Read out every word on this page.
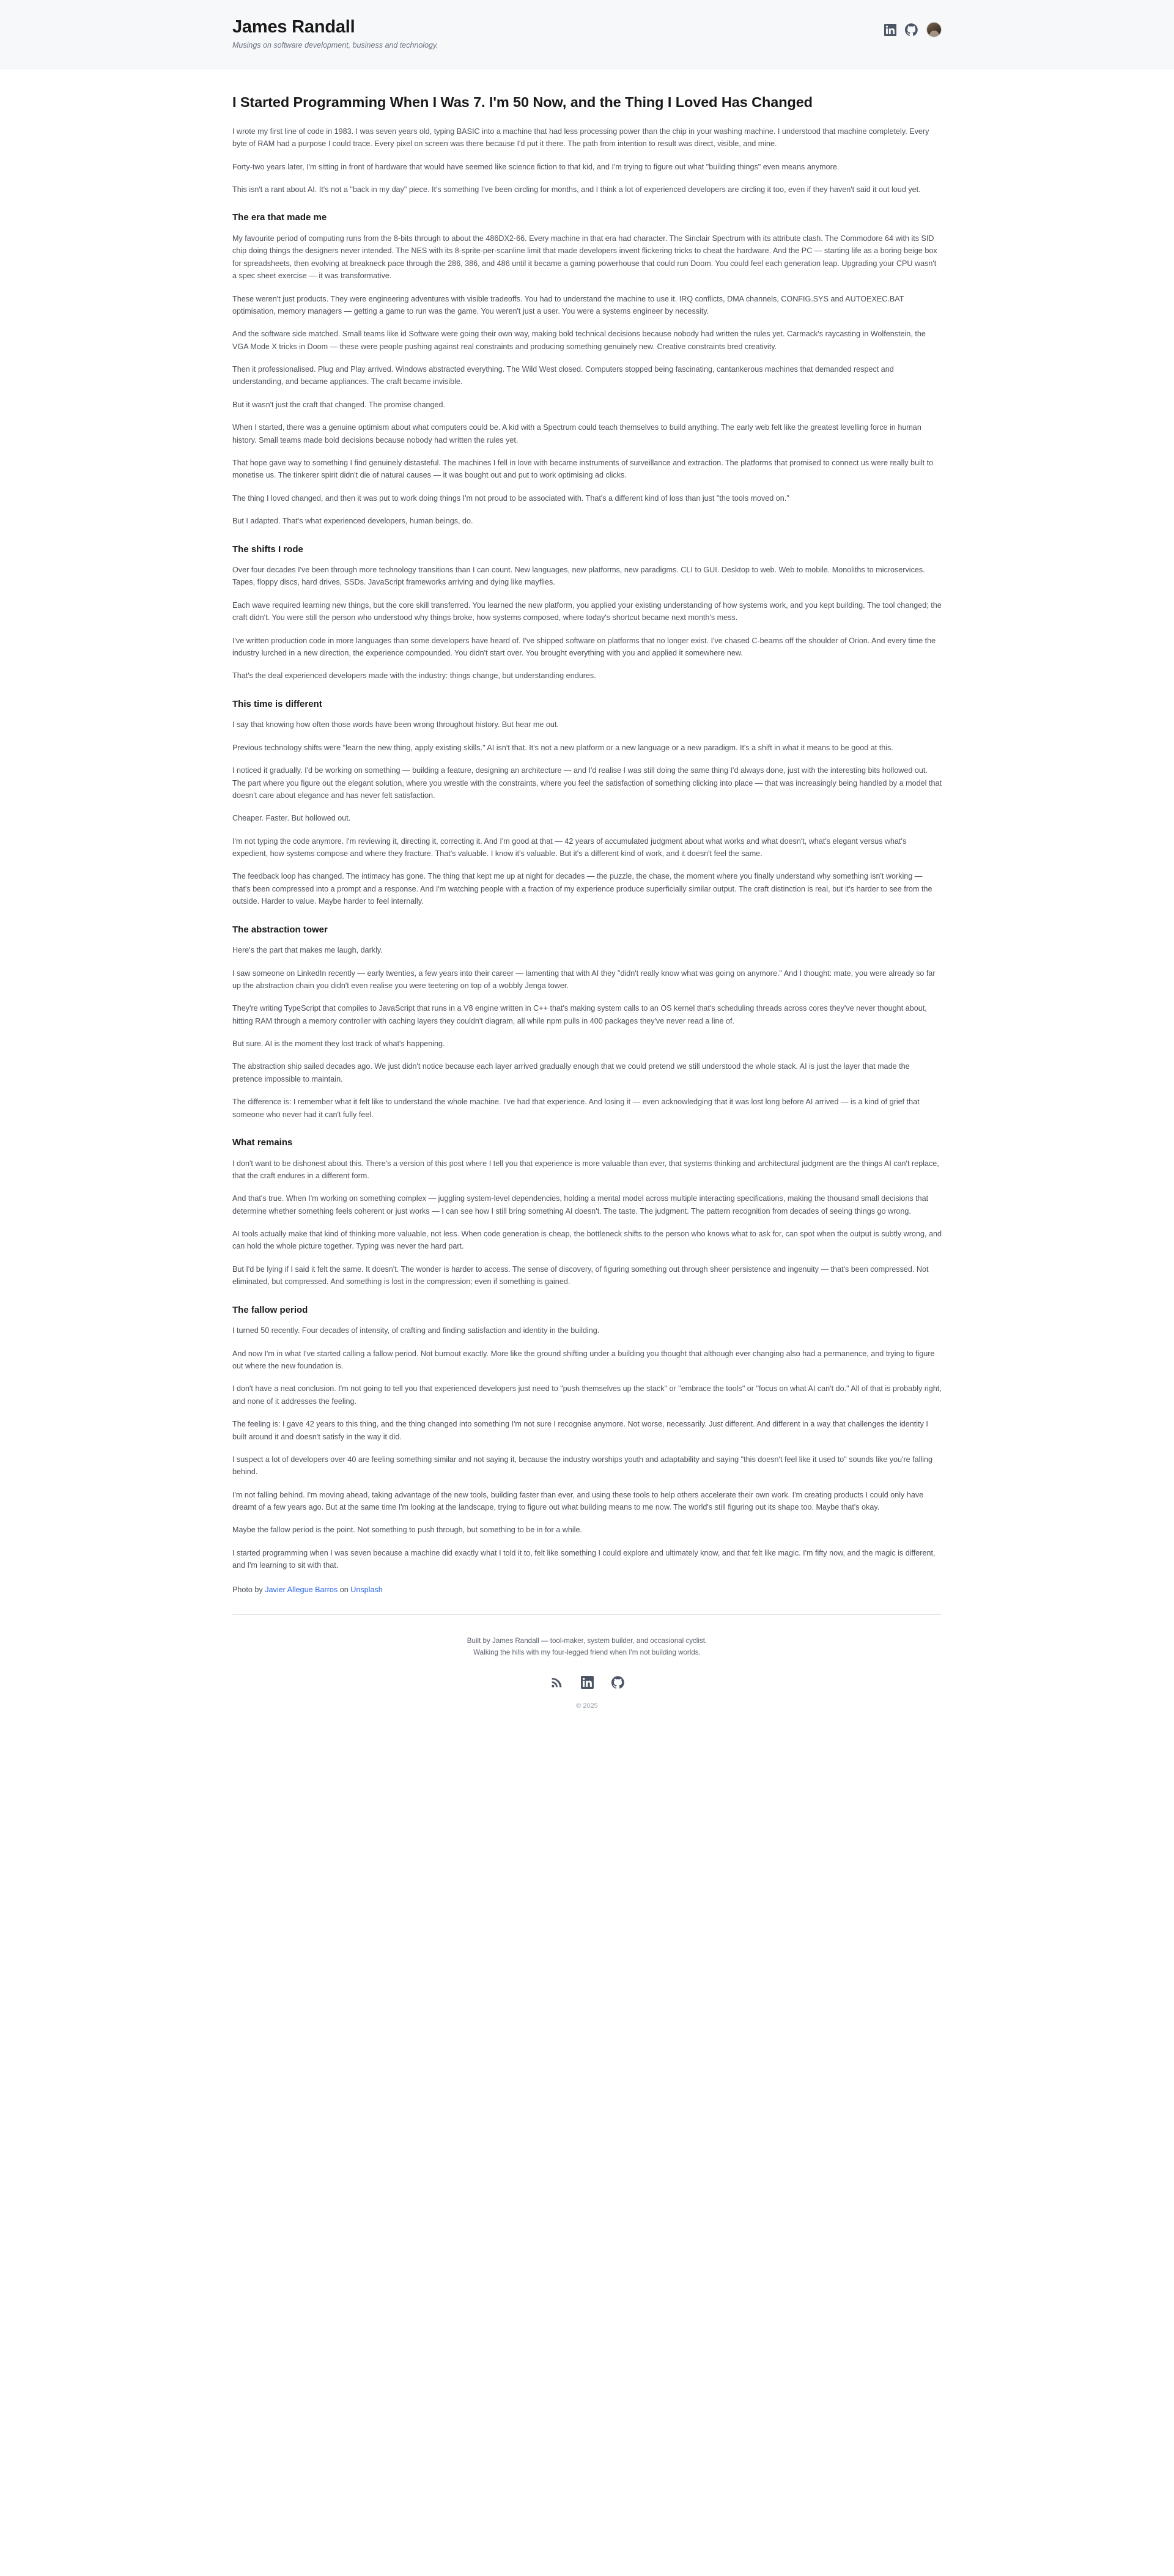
James Randall

Musings on software development, business and technology.

I Started Programming When I Was 7. I'm 50 Now, and the Thing I Loved Has Changed

I wrote my first line of code in 1983. I was seven years old, typing BASIC into a machine that had less processing power than the chip in your washing machine. I understood that machine completely. Every byte of RAM had a purpose I could trace. Every pixel on screen was there because I'd put it there. The path from intention to result was direct, visible, and mine.

Forty-two years later, I'm sitting in front of hardware that would have seemed like science fiction to that kid, and I'm trying to figure out what "building things" even means anymore.

This isn't a rant about AI. It's not a "back in my day" piece. It's something I've been circling for months, and I think a lot of experienced developers are circling it too, even if they haven't said it out loud yet.

The era that made me

My favourite period of computing runs from the 8-bits through to about the 486DX2-66. Every machine in that era had character. The Sinclair Spectrum with its attribute clash. The Commodore 64 with its SID chip doing things the designers never intended. The NES with its 8-sprite-per-scanline limit that made developers invent flickering tricks to cheat the hardware. And the PC — starting life as a boring beige box for spreadsheets, then evolving at breakneck pace through the 286, 386, and 486 until it became a gaming powerhouse that could run Doom. You could feel each generation leap. Upgrading your CPU wasn't a spec sheet exercise — it was transformative.

These weren't just products. They were engineering adventures with visible tradeoffs. You had to understand the machine to use it. IRQ conflicts, DMA channels, CONFIG.SYS and AUTOEXEC.BAT optimisation, memory managers — getting a game to run was the game. You weren't just a user. You were a systems engineer by necessity.

And the software side matched. Small teams like id Software were going their own way, making bold technical decisions because nobody had written the rules yet. Carmack's raycasting in Wolfenstein, the VGA Mode X tricks in Doom — these were people pushing against real constraints and producing something genuinely new. Creative constraints bred creativity.

Then it professionalised. Plug and Play arrived. Windows abstracted everything. The Wild West closed. Computers stopped being fascinating, cantankerous machines that demanded respect and understanding, and became appliances. The craft became invisible.

But it wasn't just the craft that changed. The promise changed.

When I started, there was a genuine optimism about what computers could be. A kid with a Spectrum could teach themselves to build anything. The early web felt like the greatest levelling force in human history. Small teams made bold decisions because nobody had written the rules yet.

That hope gave way to something I find genuinely distasteful. The machines I fell in love with became instruments of surveillance and extraction. The platforms that promised to connect us were really built to monetise us. The tinkerer spirit didn't die of natural causes — it was bought out and put to work optimising ad clicks.

The thing I loved changed, and then it was put to work doing things I'm not proud to be associated with. That's a different kind of loss than just "the tools moved on."

But I adapted. That's what experienced developers, human beings, do.

The shifts I rode

Over four decades I've been through more technology transitions than I can count. New languages, new platforms, new paradigms. CLI to GUI. Desktop to web. Web to mobile. Monoliths to microservices. Tapes, floppy discs, hard drives, SSDs. JavaScript frameworks arriving and dying like mayflies.

Each wave required learning new things, but the core skill transferred. You learned the new platform, you applied your existing understanding of how systems work, and you kept building. The tool changed; the craft didn't. You were still the person who understood why things broke, how systems composed, where today's shortcut became next month's mess.

I've written production code in more languages than some developers have heard of. I've shipped software on platforms that no longer exist. I've chased C-beams off the shoulder of Orion. And every time the industry lurched in a new direction, the experience compounded. You didn't start over. You brought everything with you and applied it somewhere new.

That's the deal experienced developers made with the industry: things change, but understanding endures.

This time is different

I say that knowing how often those words have been wrong throughout history. But hear me out.

Previous technology shifts were "learn the new thing, apply existing skills." AI isn't that. It's not a new platform or a new language or a new paradigm. It's a shift in what it means to be good at this.

I noticed it gradually. I'd be working on something — building a feature, designing an architecture — and I'd realise I was still doing the same thing I'd always done, just with the interesting bits hollowed out. The part where you figure out the elegant solution, where you wrestle with the constraints, where you feel the satisfaction of something clicking into place — that was increasingly being handled by a model that doesn't care about elegance and has never felt satisfaction.

Cheaper. Faster. But hollowed out.

I'm not typing the code anymore. I'm reviewing it, directing it, correcting it. And I'm good at that — 42 years of accumulated judgment about what works and what doesn't, what's elegant versus what's expedient, how systems compose and where they fracture. That's valuable. I know it's valuable. But it's a different kind of work, and it doesn't feel the same.

The feedback loop has changed. The intimacy has gone. The thing that kept me up at night for decades — the puzzle, the chase, the moment where you finally understand why something isn't working — that's been compressed into a prompt and a response. And I'm watching people with a fraction of my experience produce superficially similar output. The craft distinction is real, but it's harder to see from the outside. Harder to value. Maybe harder to feel internally.

The abstraction tower

Here's the part that makes me laugh, darkly.

I saw someone on LinkedIn recently — early twenties, a few years into their career — lamenting that with AI they "didn't really know what was going on anymore." And I thought: mate, you were already so far up the abstraction chain you didn't even realise you were teetering on top of a wobbly Jenga tower.

They're writing TypeScript that compiles to JavaScript that runs in a V8 engine written in C++ that's making system calls to an OS kernel that's scheduling threads across cores they've never thought about, hitting RAM through a memory controller with caching layers they couldn't diagram, all while npm pulls in 400 packages they've never read a line of.

But sure. AI is the moment they lost track of what's happening.

The abstraction ship sailed decades ago. We just didn't notice because each layer arrived gradually enough that we could pretend we still understood the whole stack. AI is just the layer that made the pretence impossible to maintain.

The difference is: I remember what it felt like to understand the whole machine. I've had that experience. And losing it — even acknowledging that it was lost long before AI arrived — is a kind of grief that someone who never had it can't fully feel.

What remains

I don't want to be dishonest about this. There's a version of this post where I tell you that experience is more valuable than ever, that systems thinking and architectural judgment are the things AI can't replace, that the craft endures in a different form.

And that's true. When I'm working on something complex — juggling system-level dependencies, holding a mental model across multiple interacting specifications, making the thousand small decisions that determine whether something feels coherent or just works — I can see how I still bring something AI doesn't. The taste. The judgment. The pattern recognition from decades of seeing things go wrong.

AI tools actually make that kind of thinking more valuable, not less. When code generation is cheap, the bottleneck shifts to the person who knows what to ask for, can spot when the output is subtly wrong, and can hold the whole picture together. Typing was never the hard part.

But I'd be lying if I said it felt the same. It doesn't. The wonder is harder to access. The sense of discovery, of figuring something out through sheer persistence and ingenuity — that's been compressed. Not eliminated, but compressed. And something is lost in the compression; even if something is gained.

The fallow period

I turned 50 recently. Four decades of intensity, of crafting and finding satisfaction and identity in the building.

And now I'm in what I've started calling a fallow period. Not burnout exactly. More like the ground shifting under a building you thought that although ever changing also had a permanence, and trying to figure out where the new foundation is.

I don't have a neat conclusion. I'm not going to tell you that experienced developers just need to "push themselves up the stack" or "embrace the tools" or "focus on what AI can't do." All of that is probably right, and none of it addresses the feeling.

The feeling is: I gave 42 years to this thing, and the thing changed into something I'm not sure I recognise anymore. Not worse, necessarily. Just different. And different in a way that challenges the identity I built around it and doesn't satisfy in the way it did.

I suspect a lot of developers over 40 are feeling something similar and not saying it, because the industry worships youth and adaptability and saying "this doesn't feel like it used to" sounds like you're falling behind.

I'm not falling behind. I'm moving ahead, taking advantage of the new tools, building faster than ever, and using these tools to help others accelerate their own work. I'm creating products I could only have dreamt of a few years ago. But at the same time I'm looking at the landscape, trying to figure out what building means to me now. The world's still figuring out its shape too. Maybe that's okay.

Maybe the fallow period is the point. Not something to push through, but something to be in for a while.

I started programming when I was seven because a machine did exactly what I told it to, felt like something I could explore and ultimately know, and that felt like magic. I'm fifty now, and the magic is different, and I'm learning to sit with that.

Photo by Javier Allegue Barros on Unsplash

Built by James Randall — tool-maker, system builder, and occasional cyclist.

Walking the hills with my four-legged friend when I'm not building worlds.

© 2025
